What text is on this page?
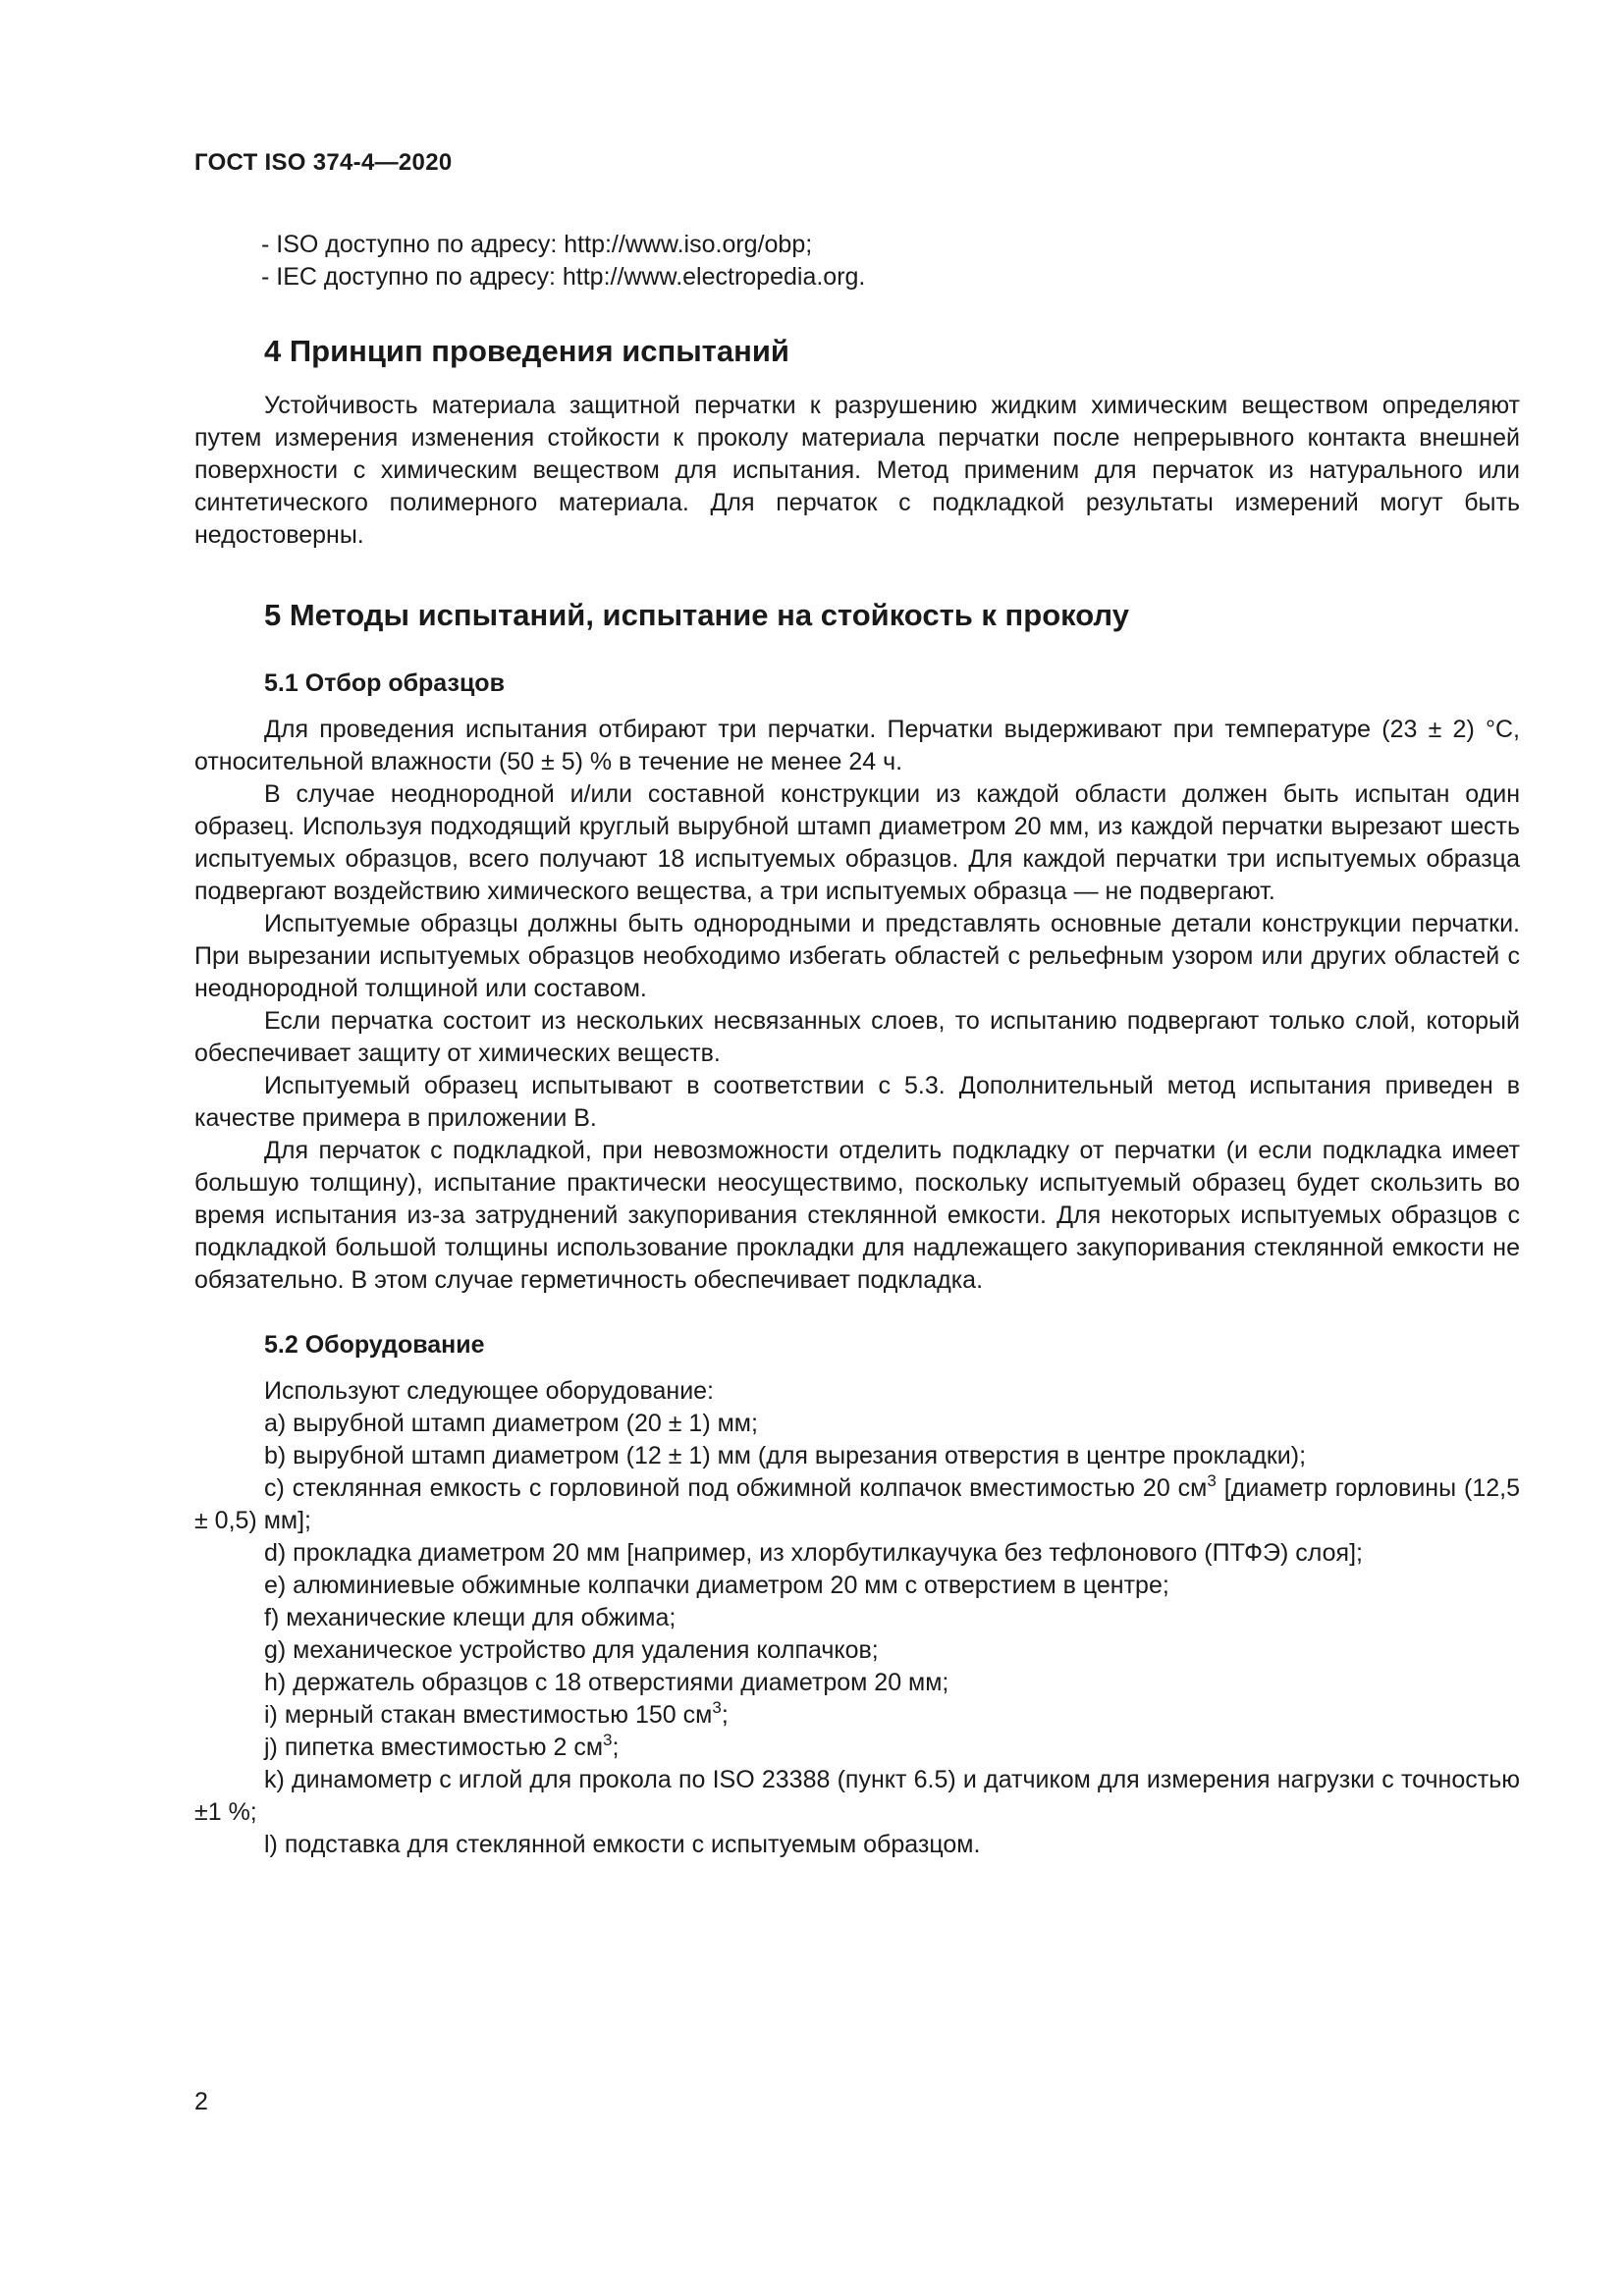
ГОСТ ISO 374-4—2020
- ISO доступно по адресу: http://www.iso.org/obp;
- IEC доступно по адресу: http://www.electropedia.org.
4 Принцип проведения испытаний

Устойчивость материала защитной перчатки к разрушению жидким химическим веществом определяют путем измерения изменения стойкости к проколу материала перчатки после непрерывного контакта внешней поверхности с химическим веществом для испытания. Метод применим для перчаток из натурального или синтетического полимерного материала. Для перчаток с подкладкой результаты измерений могут быть недостоверны.

5 Методы испытаний, испытание на стойкость к проколу
5.1 Отбор образцов

Для проведения испытания отбирают три перчатки. Перчатки выдерживают при температуре (23 ± 2) °С, относительной влажности (50 ± 5) % в течение не менее 24 ч.

В случае неоднородной и/или составной конструкции из каждой области должен быть испытан один образец. Используя подходящий круглый вырубной штамп диаметром 20 мм, из каждой перчатки вырезают шесть испытуемых образцов, всего получают 18 испытуемых образцов. Для каждой перчатки три испытуемых образца подвергают воздействию химического вещества, а три испытуемых образца — не подвергают.

Испытуемые образцы должны быть однородными и представлять основные детали конструкции перчатки. При вырезании испытуемых образцов необходимо избегать областей с рельефным узором или других областей с неоднородной толщиной или составом.

Если перчатка состоит из нескольких несвязанных слоев, то испытанию подвергают только слой, который обеспечивает защиту от химических веществ.

Испытуемый образец испытывают в соответствии с 5.3. Дополнительный метод испытания приведен в качестве примера в приложении В.

Для перчаток с подкладкой, при невозможности отделить подкладку от перчатки (и если подкладка имеет большую толщину), испытание практически неосуществимо, поскольку испытуемый образец будет скользить во время испытания из-за затруднений закупоривания стеклянной емкости. Для некоторых испытуемых образцов с подкладкой большой толщины использование прокладки для надлежащего закупоривания стеклянной емкости не обязательно. В этом случае герметичность обеспечивает подкладка.

5.2 Оборудование

Используют следующее оборудование:

a) вырубной штамп диаметром (20 ± 1) мм;

b) вырубной штамп диаметром (12 ± 1) мм (для вырезания отверстия в центре прокладки);

c) стеклянная емкость с горловиной под обжимной колпачок вместимостью 20 $см^3$ [диаметр горловины (12,5 ± 0,5) мм];

d) прокладка диаметром 20 мм [например, из хлорбутилкаучука без тефлонового (ПТФЭ) слоя];

e) алюминиевые обжимные колпачки диаметром 20 мм с отверстием в центре;

f) механические клещи для обжима;

g) механическое устройство для удаления колпачков;

h) держатель образцов с 18 отверстиями диаметром 20 мм;

i) мерный стакан вместимостью 150 $см^3$;

j) пипетка вместимостью 2 $см^3$;

k) динамометр с иглой для прокола по ISO 23388 (пункт 6.5) и датчиком для измерения нагрузки с точностью ±1 %;

l) подставка для стеклянной емкости с испытуемым образцом.

2
